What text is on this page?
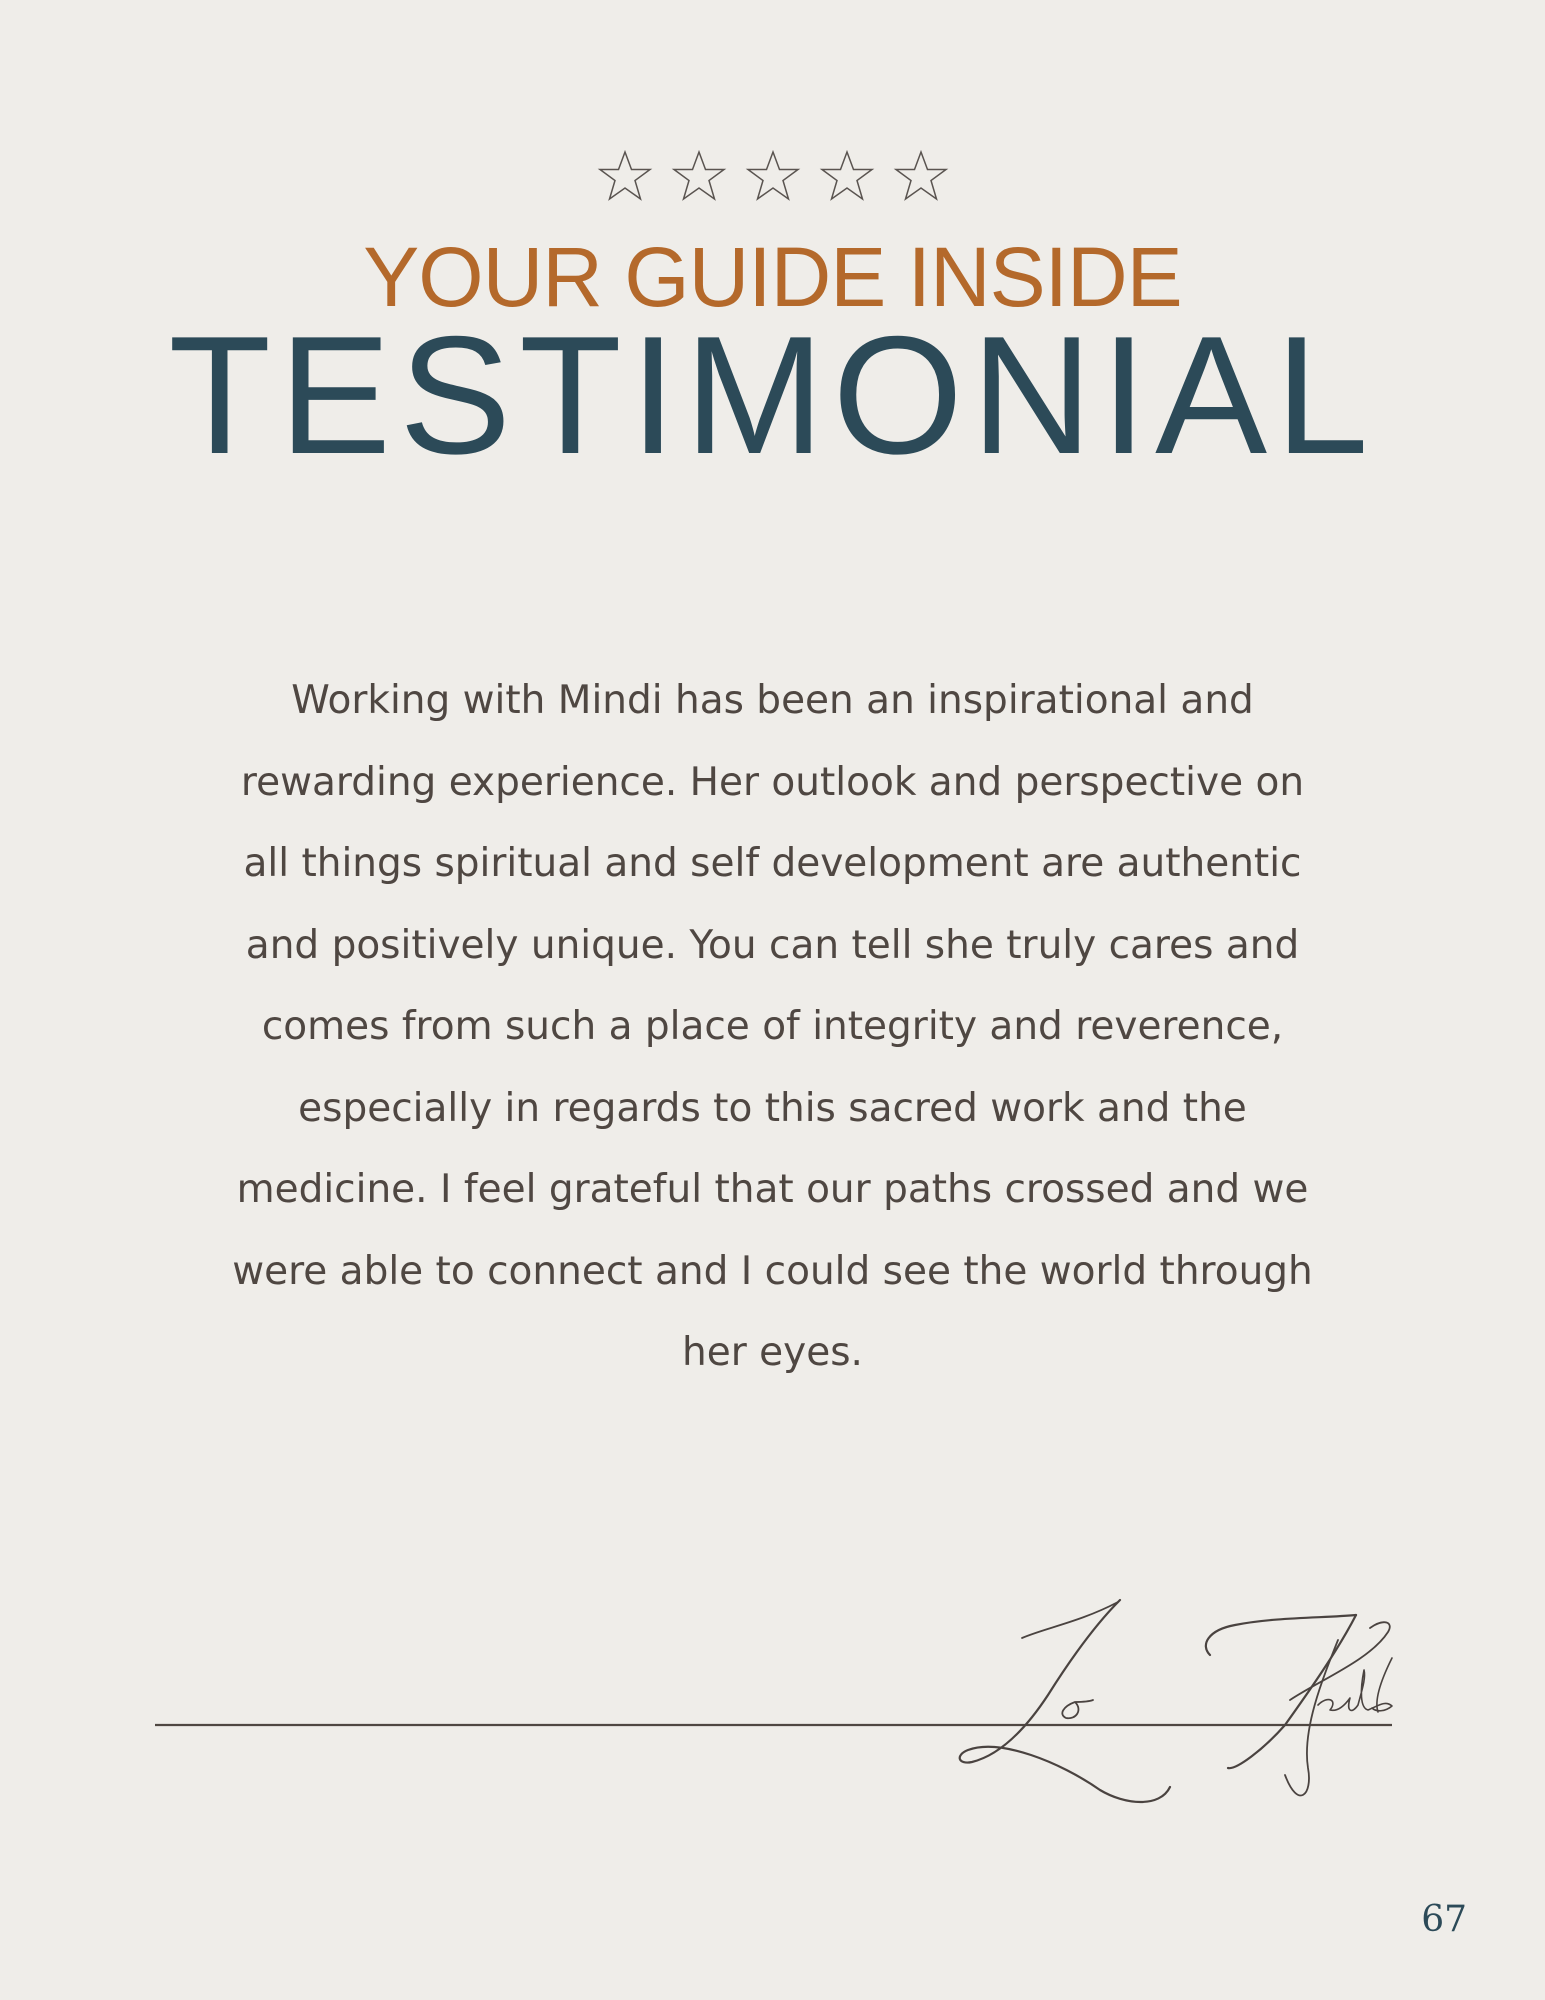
YOUR GUIDE INSIDE
TESTIMONIAL

Working with Mindi has been an inspirational and rewarding experience. Her outlook and perspective on all things spiritual and self development are authentic and positively unique. You can tell she truly cares and comes from such a place of integrity and reverence, especially in regards to this sacred work and the medicine. I feel grateful that our paths crossed and we were able to connect and I could see the world through her eyes.

67
